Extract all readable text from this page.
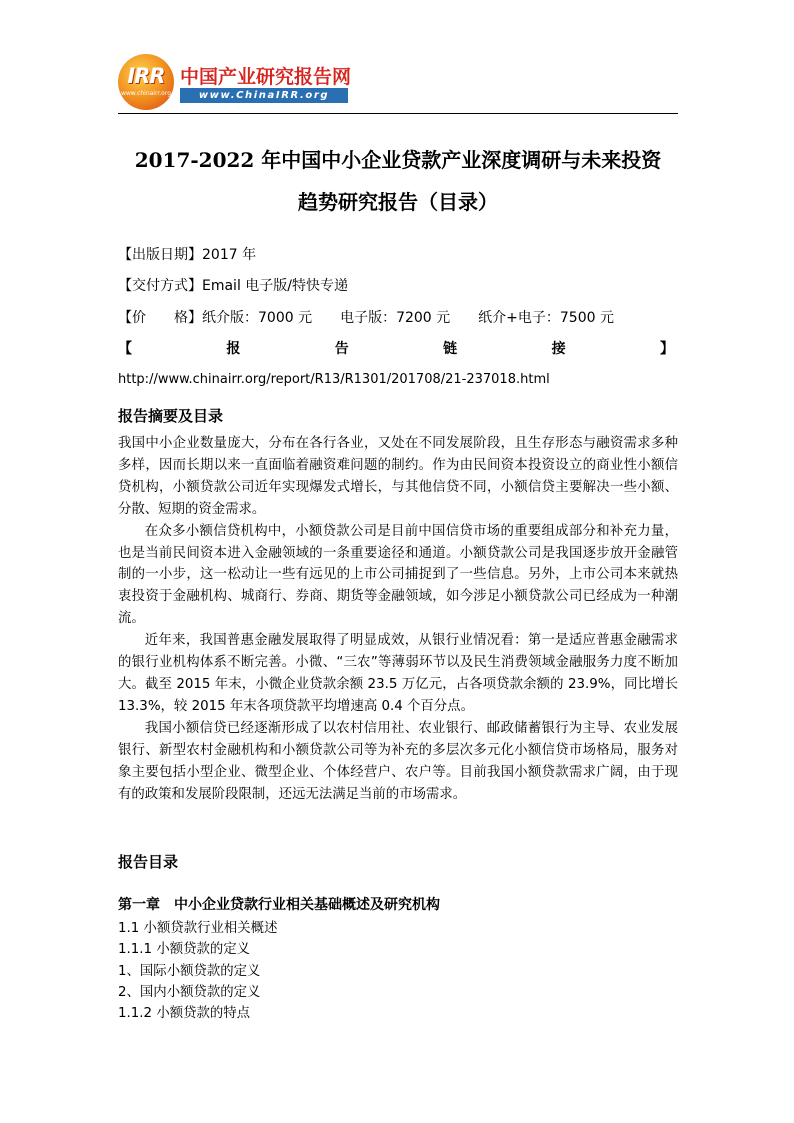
IRR
www.chinairr.org
中国产业研究报告网
www.ChinaIRR.org
2017-2022 年中国中小企业贷款产业深度调研与未来投资
趋势研究报告（目录）
【出版日期】2017 年
【交付方式】Email 电子版/特快专递
【价　　格】纸介版：7000 元　　电子版：7200 元　　纸介+电子：7500 元
【	报	告	链	接	】
http://www.chinairr.org/report/R13/R1301/201708/21-237018.html
报告摘要及目录

我国中小企业数量庞大，分布在各行各业，又处在不同发展阶段，且生存形态与融资需求多种多样，因而长期以来一直面临着融资难问题的制约。作为由民间资本投资设立的商业性小额信贷机构，小额贷款公司近年实现爆发式增长，与其他信贷不同，小额信贷主要解决一些小额、分散、短期的资金需求。

在众多小额信贷机构中，小额贷款公司是目前中国信贷市场的重要组成部分和补充力量，也是当前民间资本进入金融领域的一条重要途径和通道。小额贷款公司是我国逐步放开金融管制的一小步，这一松动让一些有远见的上市公司捕捉到了一些信息。另外，上市公司本来就热衷投资于金融机构、城商行、券商、期货等金融领域，如今涉足小额贷款公司已经成为一种潮流。

近年来，我国普惠金融发展取得了明显成效，从银行业情况看：第一是适应普惠金融需求的银行业机构体系不断完善。小微、“三农”等薄弱环节以及民生消费领域金融服务力度不断加大。截至 2015 年末，小微企业贷款余额 23.5 万亿元，占各项贷款余额的 23.9%，同比增长 13.3%，较 2015 年末各项贷款平均增速高 0.4 个百分点。

我国小额信贷已经逐渐形成了以农村信用社、农业银行、邮政储蓄银行为主导、农业发展银行、新型农村金融机构和小额贷款公司等为补充的多层次多元化小额信贷市场格局，服务对象主要包括小型企业、微型企业、个体经营户、农户等。目前我国小额贷款需求广阔，由于现有的政策和发展阶段限制，还远无法满足当前的市场需求。

报告目录
第一章　中小企业贷款行业相关基础概述及研究机构
1.1 小额贷款行业相关概述
1.1.1 小额贷款的定义
1、国际小额贷款的定义
2、国内小额贷款的定义
1.1.2 小额贷款的特点
